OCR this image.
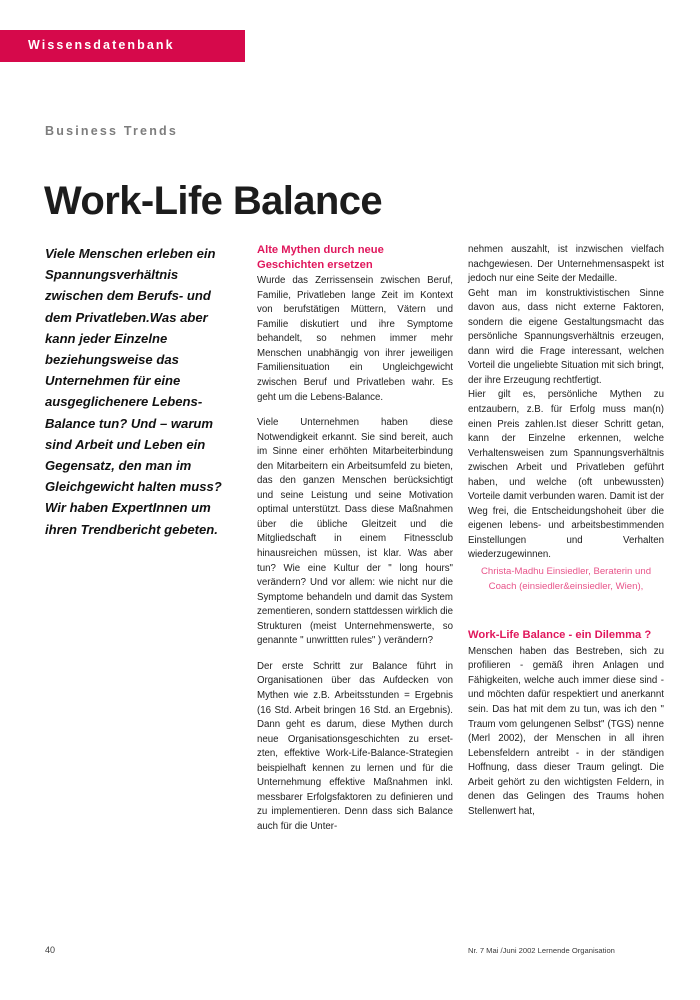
Wissensdatenbank
Business Trends
Work-Life Balance

Viele Menschen erleben ein Spannungsverhältnis zwischen dem Berufs- und dem Privatleben.Was aber kann jeder Einzelne beziehungsweise das Unternehmen für eine ausgeglichenere Lebens-Balance tun? Und – warum sind Arbeit und Leben ein Gegensatz, den man im Gleichgewicht halten muss? Wir haben ExpertInnen um ihren Trendbericht gebeten.

Alte Mythen durch neue Geschichten ersetzen

Wurde das Zerrissensein zwischen Beruf, Familie, Privatleben lange Zeit im Kontext von berufstätigen Müttern, Vätern und Familie diskutiert und ihre Symptome behandelt, so nehmen immer mehr Menschen unabhängig von ihrer jeweiligen Familiensituation ein Ungleichgewicht zwischen Beruf und Privatleben wahr. Es geht um die Lebens-Balance.

Viele Unternehmen haben diese Notwendigkeit erkannt. Sie sind bereit, auch im Sinne einer erhöhten Mitarbeiterbindung den Mitarbeitern ein Arbeitsumfeld zu bieten, das den ganzen Menschen berücksichtigt und seine Leistung und seine Motivation optimal unterstützt. Dass diese Maßnahmen über die übliche Gleitzeit und die Mitgliedschaft in einem Fitnessclub hinausreichen müssen, ist klar. Was aber tun? Wie eine Kultur der " long hours" verändern? Und vor allem: wie nicht nur die Symptome behandeln und damit das System zementieren, sondern stattdessen wirklich die Strukturen (meist Unternehmenswerte, so genannte " unwrittten rules" ) verändern?

Der erste Schritt zur Balance führt in Organisationen über das Aufdecken von Mythen wie z.B. Arbeitsstunden = Ergebnis (16 Std. Arbeit bringen 16 Std. an Ergebnis). Dann geht es darum, diese Mythen durch neue Organisationsgeschichten zu erset-zten, effektive Work-Life-Balance-Strategien beispielhaft kennen zu lernen und für die Unternehmung effektive Maßnahmen inkl. messbarer Erfolgsfaktoren zu definieren und zu implementieren. Denn dass sich Balance auch für die Unter-

nehmen auszahlt, ist inzwischen vielfach nachgewiesen. Der Unternehmensaspekt ist jedoch nur eine Seite der Medaille.

Geht man im konstruktivistischen Sinne davon aus, dass nicht externe Faktoren, sondern die eigene Gestaltungsmacht das persönliche Spannungsverhältnis erzeugen, dann wird die Frage interessant, welchen Vorteil die ungeliebte Situation mit sich bringt, der ihre Erzeugung rechtfertigt.

Hier gilt es, persönliche Mythen zu entzaubern, z.B. für Erfolg muss man(n) einen Preis zahlen.Ist dieser Schritt getan, kann der Einzelne erkennen, welche Verhaltensweisen zum Spannungsverhältnis zwischen Arbeit und Privatleben geführt haben, und welche (oft unbewussten) Vorteile damit verbunden waren. Damit ist der Weg frei, die Entscheidungshoheit über die eigenen lebens- und arbeitsbestimmenden Einstellungen und Verhalten wiederzugewinnen.

Christa-Madhu Einsiedler, Beraterin und Coach (einsiedler&einsiedler, Wien),

Work-Life Balance - ein Dilemma ?

Menschen haben das Bestreben, sich zu profilieren - gemäß ihren Anlagen und Fähigkeiten, welche auch immer diese sind - und möchten dafür respektiert und anerkannt sein. Das hat mit dem zu tun, was ich den " Traum vom gelungenen Selbst" (TGS) nenne (Merl 2002), der Menschen in all ihren Lebensfeldern antreibt - in der ständigen Hoffnung, dass dieser Traum gelingt. Die Arbeit gehört zu den wichtigsten Feldern, in denen das Gelingen des Traums hohen Stellenwert hat,

40	Nr. 7 Mai /Juni 2002 Lernende Organisation
